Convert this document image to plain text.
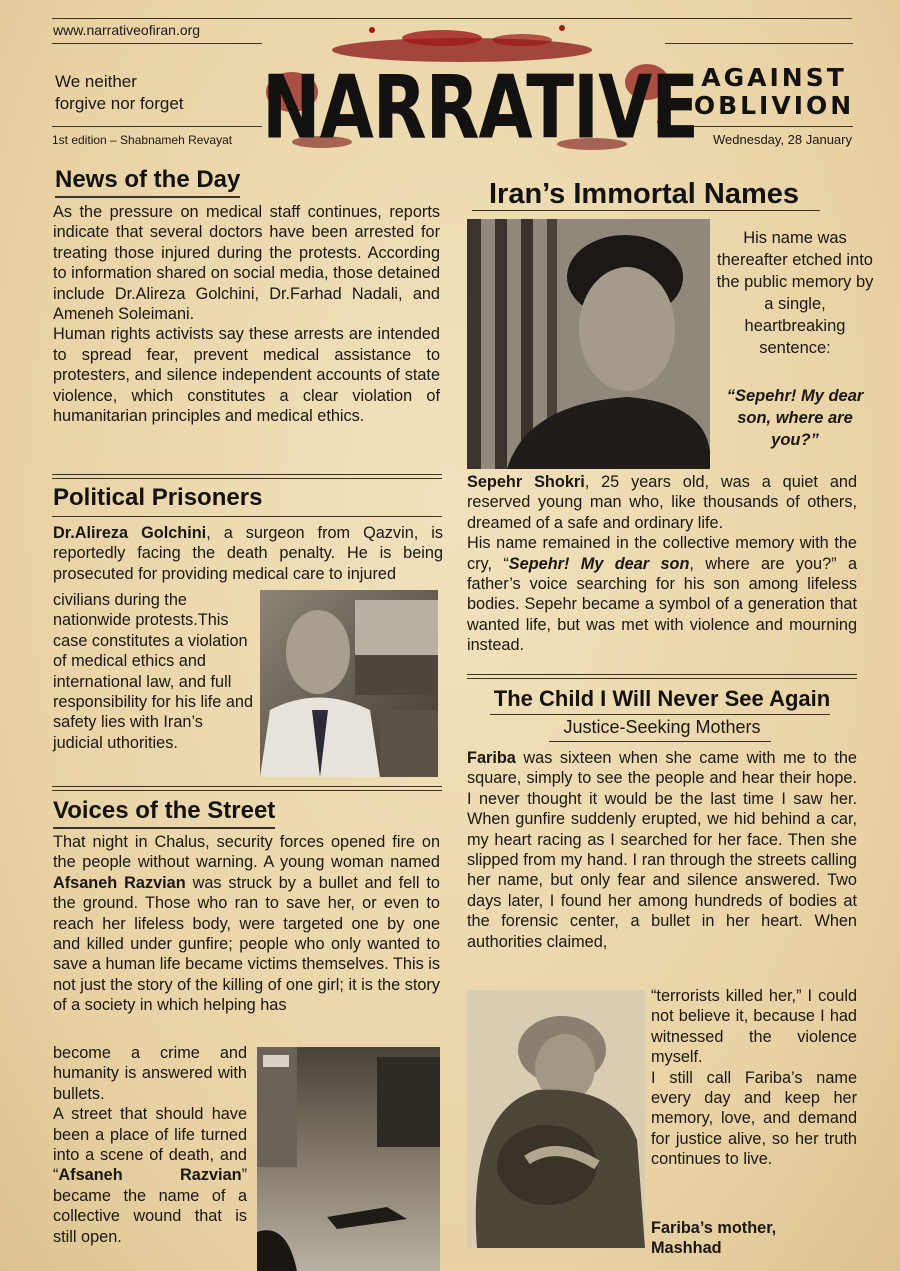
www.narrativeofiran.org
We neither
forgive nor forget
1st edition – Shabnameh Revayat	Wednesday, 28 January
AGAINST
OBLIVION
NARRATIVE
News of the Day
As the pressure on medical staff continues, reports indicate that several doctors have been arrested for treating those injured during the protests. According to information shared on social media, those detained include Dr.Alireza Golchini, Dr.Farhad Nadali, and Ameneh Soleimani.
Human rights activists say these arrests are intended to spread fear, prevent medical assistance to protesters, and silence independent accounts of state violence, which constitutes a clear violation of humanitarian principles and medical ethics.
Political Prisoners
Dr.Alireza Golchini, a surgeon from Qazvin, is reportedly facing the death penalty. He is being prosecuted for providing medical care to injured
civilians during the nationwide protests.This case constitutes a violation of medical ethics and international law, and full responsibility for his life and safety lies with Iran’s judicial uthorities.
Voices of the Street
That night in Chalus, security forces opened fire on the people without warning. A young woman named Afsaneh Razvian was struck by a bullet and fell to the ground. Those who ran to save her, or even to reach her lifeless body, were targeted one by one and killed under gunfire; people who only wanted to save a human life became victims themselves. This is not just the story of the killing of one girl; it is the story of a society in which helping has
become a crime and humanity is answered with bullets.
A street that should have been a place of life turned into a scene of death, and “Afsaneh Razvian” became the name of a collective wound that is still open.
Iran’s Immortal Names
His name was thereafter etched into the public memory by a single, heartbreaking sentence:
“Sepehr! My dear son, where are you?”
Sepehr Shokri, 25 years old, was a quiet and reserved young man who, like thousands of others, dreamed of a safe and ordinary life.
His name remained in the collective memory with the cry, “Sepehr! My dear son, where are you?” a father’s voice searching for his son among lifeless bodies. Sepehr became a symbol of a generation that wanted life, but was met with violence and mourning instead.
The Child I Will Never See Again
Justice-Seeking Mothers
Fariba was sixteen when she came with me to the square, simply to see the people and hear their hope. I never thought it would be the last time I saw her. When gunfire suddenly erupted, we hid behind a car, my heart racing as I searched for her face. Then she slipped from my hand. I ran through the streets calling her name, but only fear and silence answered. Two days later, I found her among hundreds of bodies at the forensic center, a bullet in her heart. When authorities claimed,
“terrorists killed her,” I could not believe it, because I had witnessed the violence myself.
I still call Fariba’s name every day and keep her memory, love, and demand for justice alive, so her truth continues to live.
Fariba’s mother, Mashhad
